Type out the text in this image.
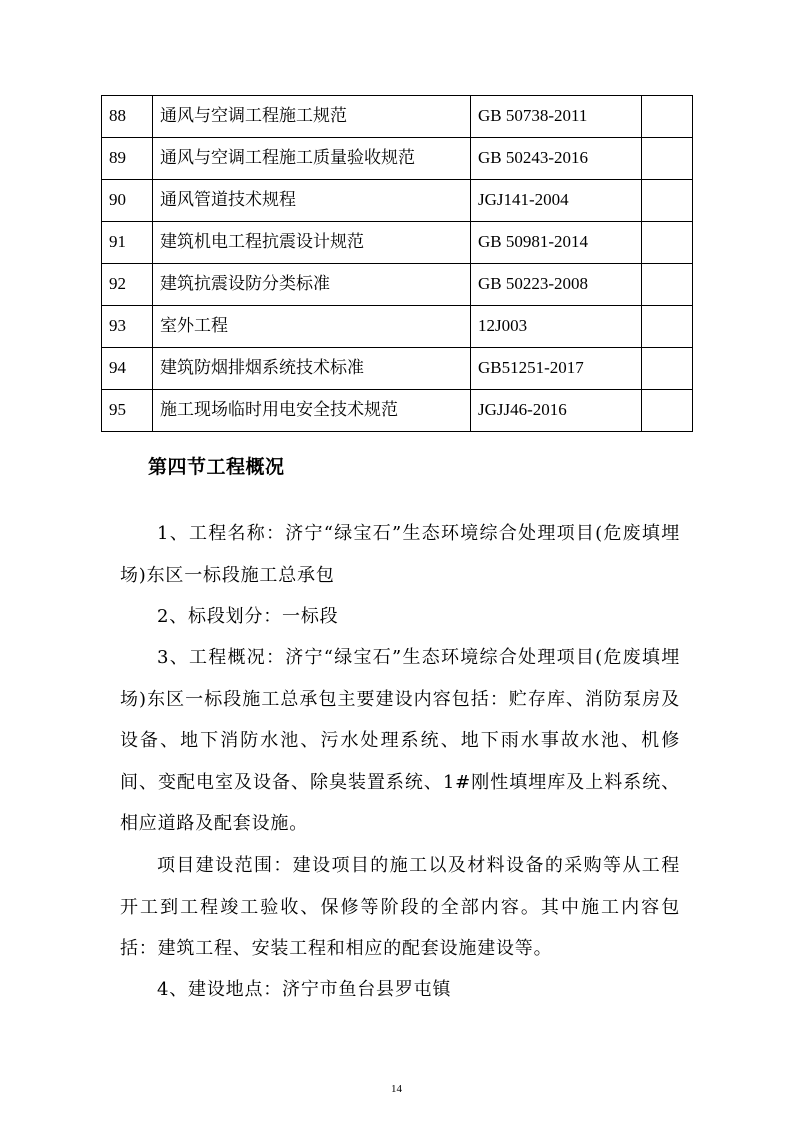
88	通风与空调工程施工规范	GB 50738-2011	
89	通风与空调工程施工质量验收规范	GB 50243-2016	
90	通风管道技术规程	JGJ141-2004	
91	建筑机电工程抗震设计规范	GB 50981-2014	
92	建筑抗震设防分类标准	GB 50223-2008	
93	室外工程	12J003	
94	建筑防烟排烟系统技术标准	GB51251-2017	
95	施工现场临时用电安全技术规范	JGJJ46-2016	
第四节工程概况

1、工程名称：济宁“绿宝石”生态环境综合处理项目(危废填埋场)东区一标段施工总承包

2、标段划分：一标段

3、工程概况：济宁“绿宝石”生态环境综合处理项目(危废填埋场)东区一标段施工总承包主要建设内容包括：贮存库、消防泵房及设备、地下消防水池、污水处理系统、地下雨水事故水池、机修间、变配电室及设备、除臭装置系统、1#刚性填埋库及上料系统、相应道路及配套设施。

项目建设范围：建设项目的施工以及材料设备的采购等从工程开工到工程竣工验收、保修等阶段的全部内容。其中施工内容包括：建筑工程、安装工程和相应的配套设施建设等。

4、建设地点：济宁市鱼台县罗屯镇

14
